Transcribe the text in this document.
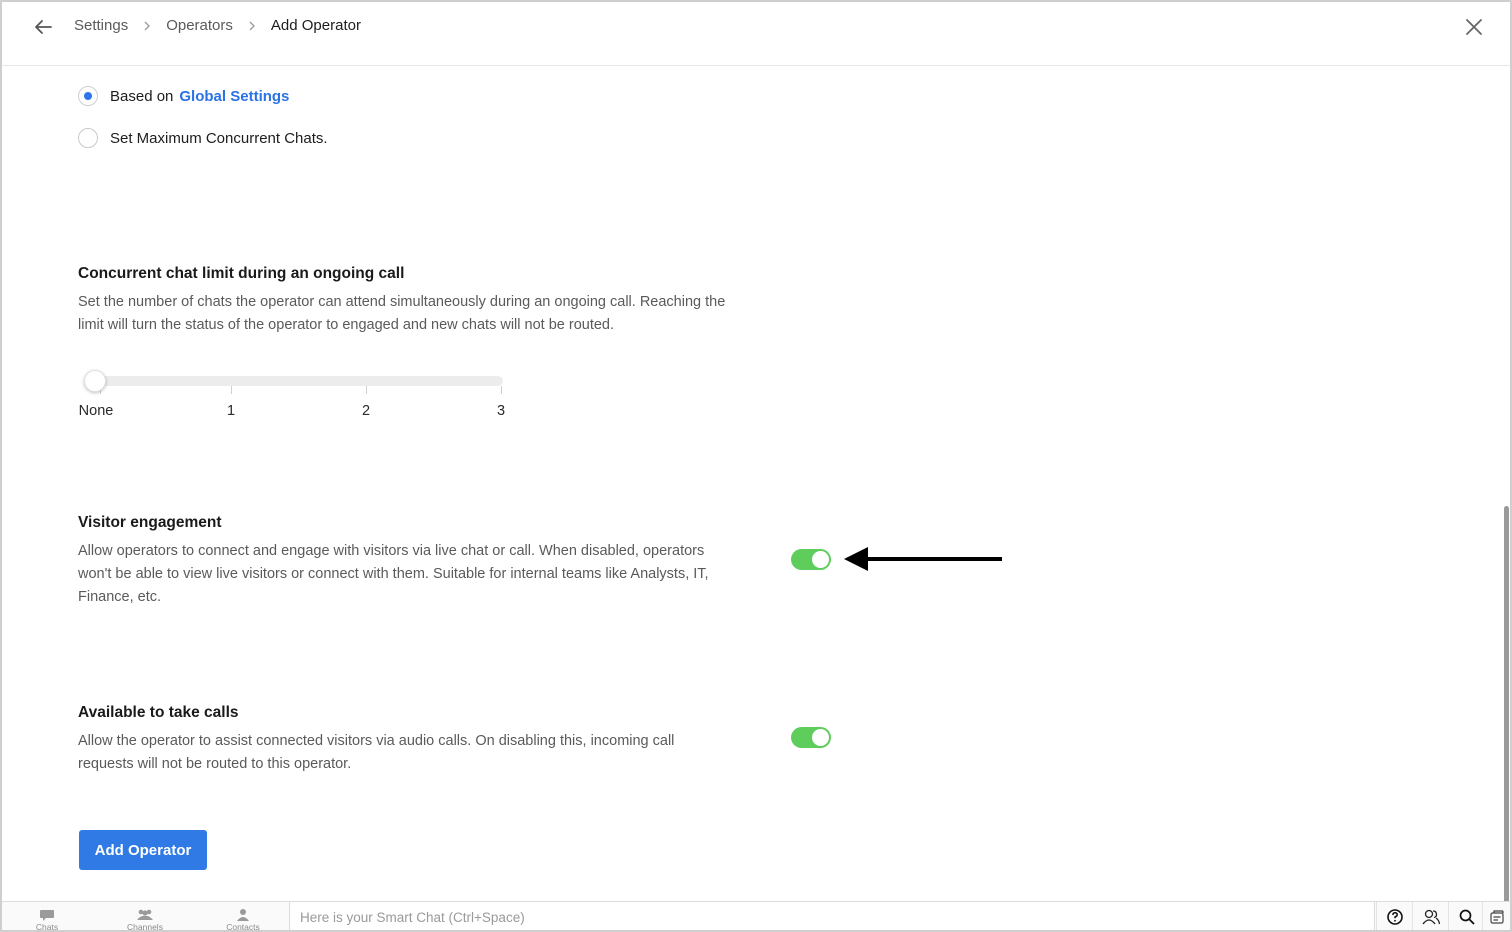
Settings	Operators	Add Operator
Based on Global Settings
Set Maximum Concurrent Chats.
Concurrent chat limit during an ongoing call
Set the number of chats the operator can attend simultaneously during an ongoing call. Reaching the limit will turn the status of the operator to engaged and new chats will not be routed.
None	1	2	3
Visitor engagement
Allow operators to connect and engage with visitors via live chat or call. When disabled, operators won't be able to view live visitors or connect with them. Suitable for internal teams like Analysts, IT, Finance, etc.
Available to take calls
Allow the operator to assist connected visitors via audio calls. On disabling this, incoming call requests will not be routed to this operator.
Add Operator
Chats	Channels	Contacts
Here is your Smart Chat (Ctrl+Space)
